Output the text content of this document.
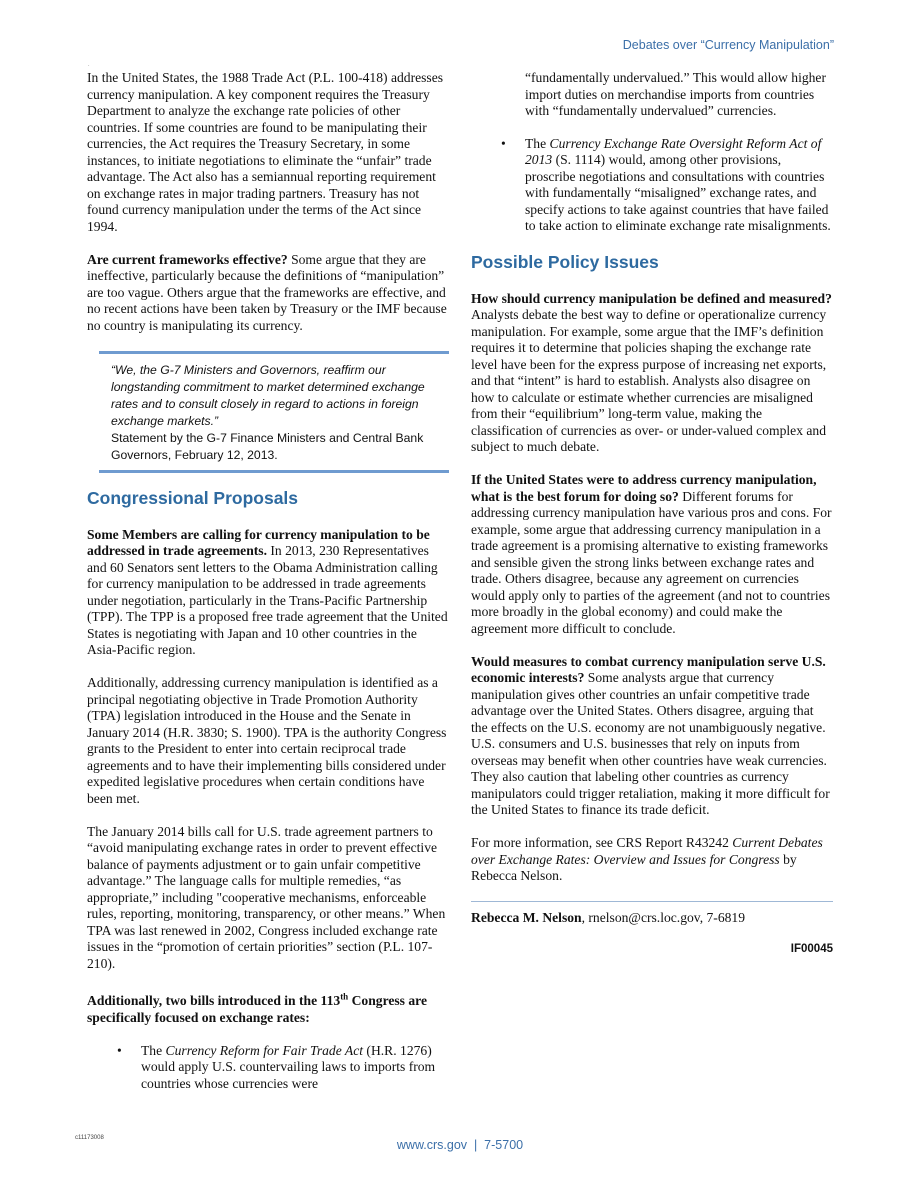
Debates over “Currency Manipulation”
.

In the United States, the 1988 Trade Act (P.L. 100-418) addresses currency manipulation. A key component requires the Treasury Department to analyze the exchange rate policies of other countries. If some countries are found to be manipulating their currencies, the Act requires the Treasury Secretary, in some instances, to initiate negotiations to eliminate the “unfair” trade advantage. The Act also has a semiannual reporting requirement on exchange rates in major trading partners. Treasury has not found currency manipulation under the terms of the Act since 1994.

Are current frameworks effective? Some argue that they are ineffective, particularly because the definitions of “manipulation” are too vague. Others argue that the frameworks are effective, and no recent actions have been taken by Treasury or the IMF because no country is manipulating its currency.

“We, the G-7 Ministers and Governors, reaffirm our longstanding commitment to market determined exchange rates and to consult closely in regard to actions in foreign exchange markets.”
Statement by the G-7 Finance Ministers and Central Bank Governors, February 12, 2013.
Congressional Proposals

Some Members are calling for currency manipulation to be addressed in trade agreements. In 2013, 230 Representatives and 60 Senators sent letters to the Obama Administration calling for currency manipulation to be addressed in trade agreements under negotiation, particularly in the Trans-Pacific Partnership (TPP). The TPP is a proposed free trade agreement that the United States is negotiating with Japan and 10 other countries in the Asia-Pacific region.

Additionally, addressing currency manipulation is identified as a principal negotiating objective in Trade Promotion Authority (TPA) legislation introduced in the House and the Senate in January 2014 (H.R. 3830; S. 1900). TPA is the authority Congress grants to the President to enter into certain reciprocal trade agreements and to have their implementing bills considered under expedited legislative procedures when certain conditions have been met.

The January 2014 bills call for U.S. trade agreement partners to “avoid manipulating exchange rates in order to prevent effective balance of payments adjustment or to gain unfair competitive advantage.” The language calls for multiple remedies, “as appropriate,” including "cooperative mechanisms, enforceable rules, reporting, monitoring, transparency, or other means.” When TPA was last renewed in 2002, Congress included exchange rate issues in the “promotion of certain priorities” section (P.L. 107-210).

Additionally, two bills introduced in the 113th Congress are specifically focused on exchange rates:

• The Currency Reform for Fair Trade Act (H.R. 1276) would apply U.S. countervailing laws to imports from countries whose currencies were
“fundamentally undervalued.” This would allow higher import duties on merchandise imports from countries with “fundamentally undervalued” currencies.
• The Currency Exchange Rate Oversight Reform Act of 2013 (S. 1114) would, among other provisions, proscribe negotiations and consultations with countries with fundamentally “misaligned” exchange rates, and specify actions to take against countries that have failed to take action to eliminate exchange rate misalignments.
Possible Policy Issues

How should currency manipulation be defined and measured? Analysts debate the best way to define or operationalize currency manipulation. For example, some argue that the IMF’s definition requires it to determine that policies shaping the exchange rate level have been for the express purpose of increasing net exports, and that “intent” is hard to establish. Analysts also disagree on how to calculate or estimate whether currencies are misaligned from their “equilibrium” long-term value, making the classification of currencies as over- or under-valued complex and subject to much debate.

If the United States were to address currency manipulation, what is the best forum for doing so? Different forums for addressing currency manipulation have various pros and cons. For example, some argue that addressing currency manipulation in a trade agreement is a promising alternative to existing frameworks and sensible given the strong links between exchange rates and trade. Others disagree, because any agreement on currencies would apply only to parties of the agreement (and not to countries more broadly in the global economy) and could make the agreement more difficult to conclude.

Would measures to combat currency manipulation serve U.S. economic interests? Some analysts argue that currency manipulation gives other countries an unfair competitive trade advantage over the United States. Others disagree, arguing that the effects on the U.S. economy are not unambiguously negative. U.S. consumers and U.S. businesses that rely on inputs from overseas may benefit when other countries have weak currencies. They also caution that labeling other countries as currency manipulators could trigger retaliation, making it more difficult for the United States to finance its trade deficit.

For more information, see CRS Report R43242 Current Debates over Exchange Rates: Overview and Issues for Congress by Rebecca Nelson.

Rebecca M. Nelson, rnelson@crs.loc.gov, 7-6819
IF00045
c11173008	www.crs.gov  |  7-5700
